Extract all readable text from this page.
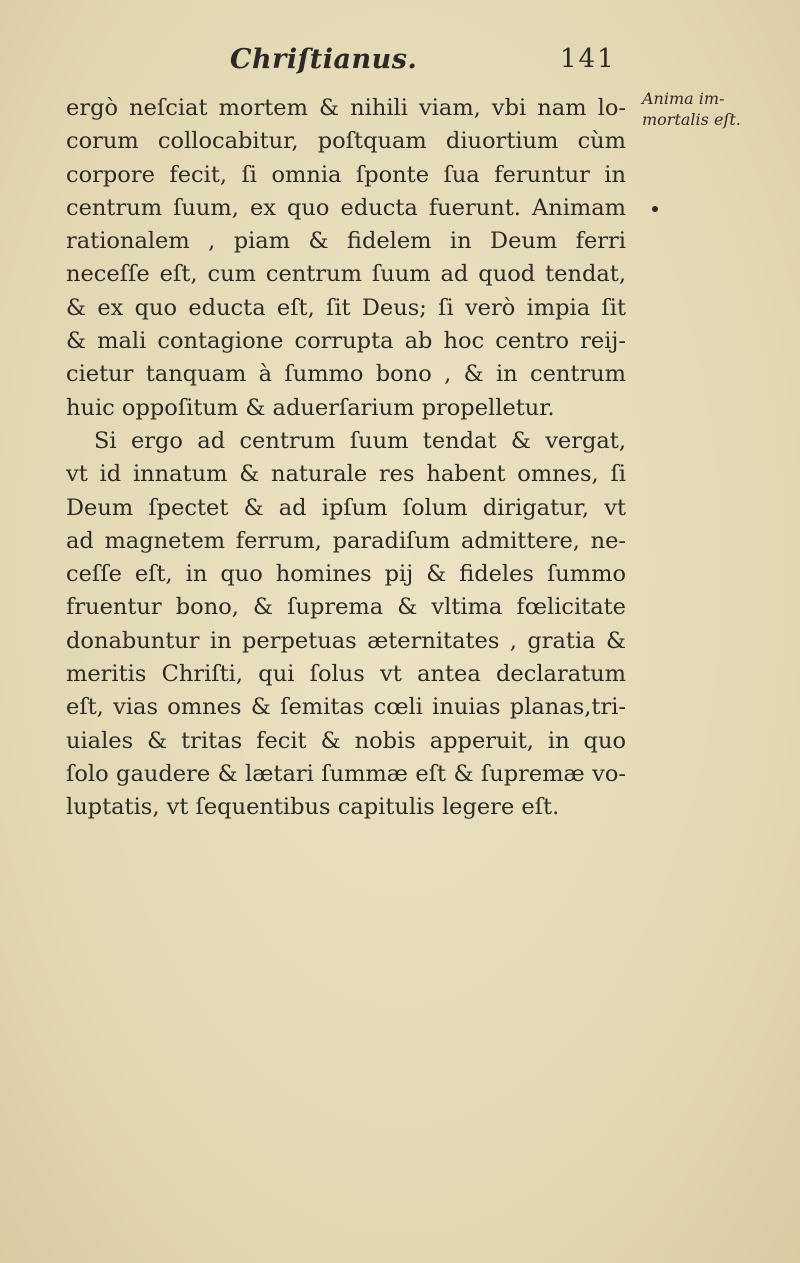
Chriſtianus.	141
ergò neſciat mortem & nihili viam, vbi nam lo-
corum collocabitur, poſtquam diuortium cùm
corpore fecit, ſi omnia ſponte ſua feruntur in
centrum ſuum, ex quo educta fuerunt. Animam
rationalem , piam & fidelem in Deum ferri
neceſſe eſt, cum centrum ſuum ad quod tendat,
& ex quo educta eſt, ſit Deus; ſi verò impia ſit
& mali contagione corrupta ab hoc centro reij-
cietur tanquam à ſummo bono , & in centrum
huic oppoſitum & aduerſarium propelletur.
Si ergo ad centrum ſuum tendat & vergat,
vt id innatum & naturale res habent omnes, ſi
Deum ſpectet & ad ipſum ſolum dirigatur, vt
ad magnetem ferrum, paradiſum admittere, ne-
ceſſe eſt, in quo homines pij & fideles ſummo
fruentur bono, & ſuprema & vltima fœlicitate
donabuntur in perpetuas æternitates , gratia &
meritis Chriſti, qui ſolus vt antea declaratum
eſt, vias omnes & ſemitas cœli inuias planas,tri-
uiales & tritas fecit & nobis apperuit, in quo
ſolo gaudere & lætari ſummæ eſt & ſupremæ vo-
luptatis, vt ſequentibus capitulis legere eſt.
Anima im-
mortalis eſt.
